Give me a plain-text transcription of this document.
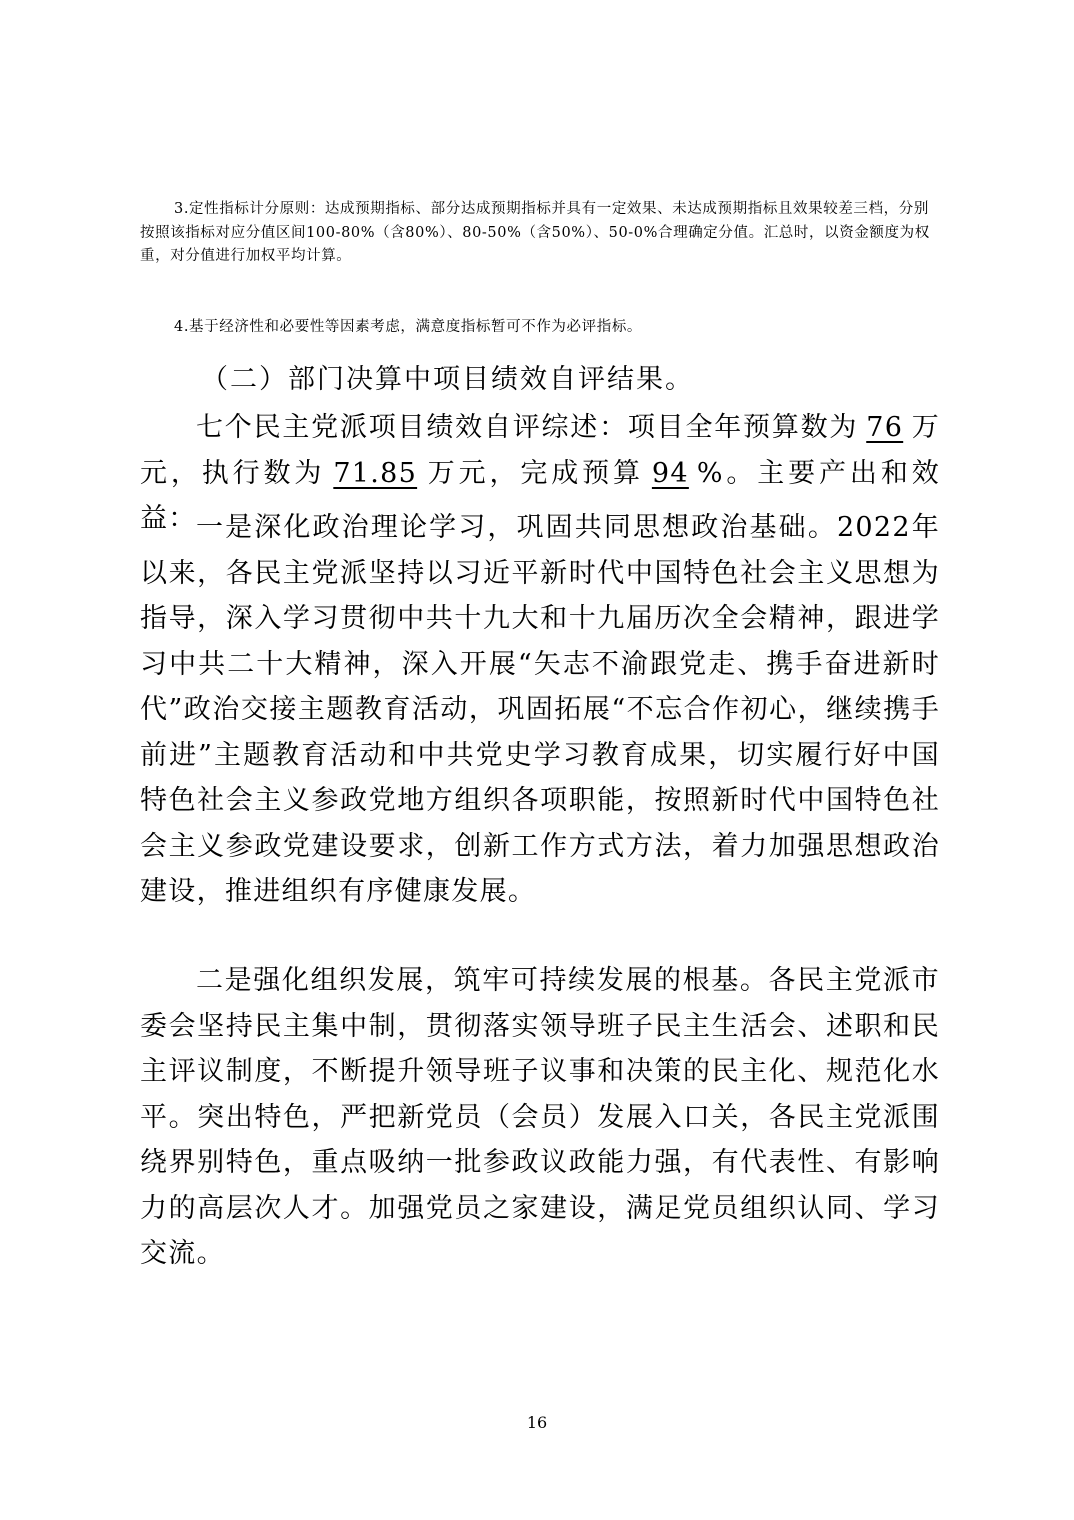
3.定性指标计分原则：达成预期指标、部分达成预期指标并具有一定效果、未达成预期指标且效果较差三档，分别按照该指标对应分值区间100-80%（含80%）、80-50%（含50%）、50-0%合理确定分值。汇总时，以资金额度为权重，对分值进行加权平均计算。

4.基于经济性和必要性等因素考虑，满意度指标暂可不作为必评指标。

（二）部门决算中项目绩效自评结果。

七个民主党派项目绩效自评综述：项目全年预算数为 76 万元，执行数为 71.85 万元，完成预算 94 %。主要产出和效益： 一是深化政治理论学习，巩固共同思想政治基础。2022年以来，各民主党派坚持以习近平新时代中国特色社会主义思想为指导，深入学习贯彻中共十九大和十九届历次全会精神，跟进学习中共二十大精神，深入开展“矢志不渝跟党走、携手奋进新时代”政治交接主题教育活动，巩固拓展“不忘合作初心，继续携手前进”主题教育活动和中共党史学习教育成果，切实履行好中国特色社会主义参政党地方组织各项职能，按照新时代中国特色社会主义参政党建设要求，创新工作方式方法，着力加强思想政治建设，推进组织有序健康发展。

二是强化组织发展，筑牢可持续发展的根基。各民主党派市委会坚持民主集中制，贯彻落实领导班子民主生活会、述职和民主评议制度，不断提升领导班子议事和决策的民主化、规范化水平。突出特色，严把新党员（会员）发展入口关，各民主党派围绕界别特色，重点吸纳一批参政议政能力强，有代表性、有影响力的高层次人才。加强党员之家建设，满足党员组织认同、学习交流。

16
